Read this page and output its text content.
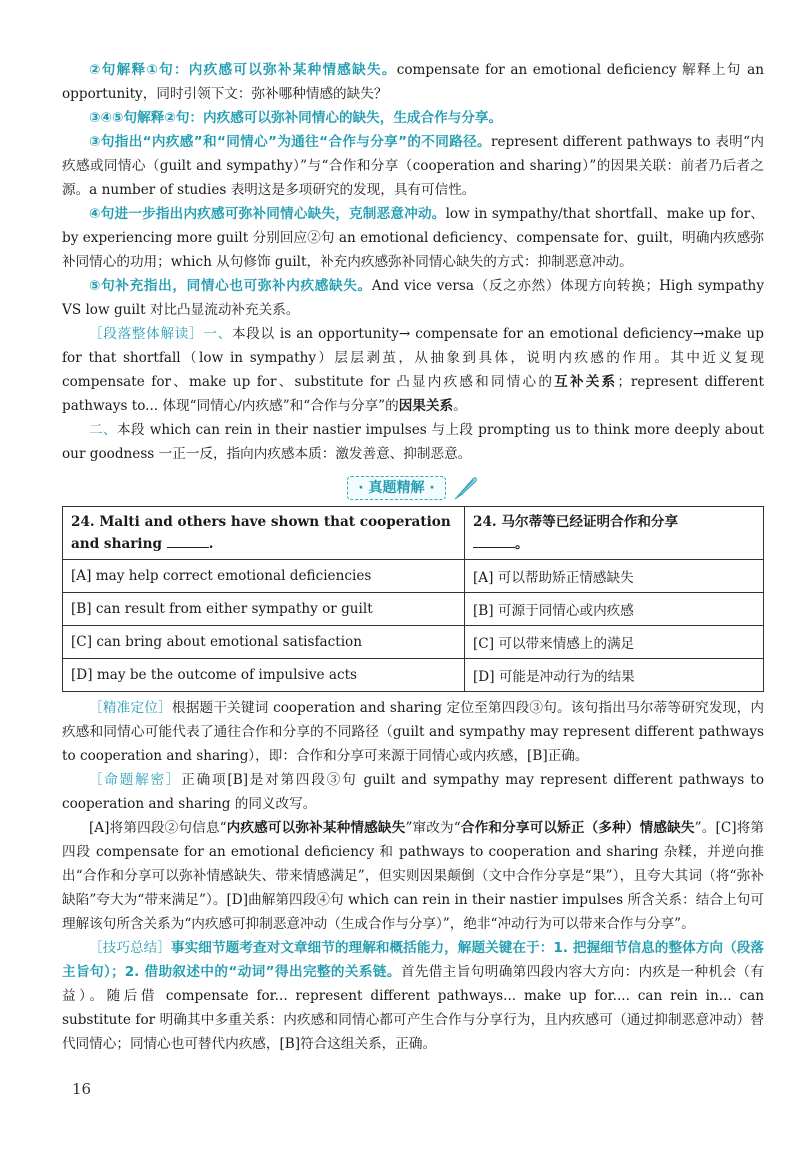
②句解释①句：内疚感可以弥补某种情感缺失。compensate for an emotional deficiency 解释上句 an opportunity，同时引领下文：弥补哪种情感的缺失？

③④⑤句解释②句：内疚感可以弥补同情心的缺失，生成合作与分享。

③句指出“内疚感”和“同情心”为通往“合作与分享”的不同路径。represent different pathways to 表明“内疚感或同情心（guilt and sympathy）”与“合作和分享（cooperation and sharing）”的因果关联：前者乃后者之源。a number of studies 表明这是多项研究的发现，具有可信性。

④句进一步指出内疚感可弥补同情心缺失，克制恶意冲动。low in sympathy/that shortfall、make up for、by experiencing more guilt 分别回应②句 an emotional deficiency、compensate for、guilt，明确内疚感弥补同情心的功用；which 从句修饰 guilt，补充内疚感弥补同情心缺失的方式：抑制恶意冲动。

⑤句补充指出，同情心也可弥补内疚感缺失。And vice versa（反之亦然）体现方向转换；High sympathy VS low guilt 对比凸显流动补充关系。

［段落整体解读］一、本段以 is an opportunity→ compensate for an emotional deficiency→make up for that shortfall（low in sympathy）层层剥茧，从抽象到具体，说明内疚感的作用。其中近义复现 compensate for、make up for、substitute for 凸显内疚感和同情心的互补关系；represent different pathways to... 体现“同情心/内疚感”和“合作与分享”的因果关系。

二、本段 which can rein in their nastier impulses 与上段 prompting us to think more deeply about our goodness 一正一反，指向内疚感本质：激发善意、抑制恶意。

· 真题精解 ·
24. Malti and others have shown that cooperation and sharing .	24. 马尔蒂等已经证明合作和分享
。
[A] may help correct emotional deficiencies	[A] 可以帮助矫正情感缺失
[B] can result from either sympathy or guilt	[B] 可源于同情心或内疚感
[C] can bring about emotional satisfaction	[C] 可以带来情感上的满足
[D] may be the outcome of impulsive acts	[D] 可能是冲动行为的结果

［精准定位］根据题干关键词 cooperation and sharing 定位至第四段③句。该句指出马尔蒂等研究发现，内疚感和同情心可能代表了通往合作和分享的不同路径（guilt and sympathy may represent different pathways to cooperation and sharing），即：合作和分享可来源于同情心或内疚感，[B]正确。

［命题解密］正确项[B]是对第四段③句 guilt and sympathy may represent different pathways to cooperation and sharing 的同义改写。

[A]将第四段②句信息“内疚感可以弥补某种情感缺失”窜改为“合作和分享可以矫正（多种）情感缺失”。[C]将第四段 compensate for an emotional deficiency 和 pathways to cooperation and sharing 杂糅，并逆向推出“合作和分享可以弥补情感缺失、带来情感满足”，但实则因果颠倒（文中合作分享是“果”），且夸大其词（将“弥补缺陷”夸大为“带来满足”）。[D]曲解第四段④句 which can rein in their nastier impulses 所含关系：结合上句可理解该句所含关系为“内疚感可抑制恶意冲动（生成合作与分享）”，绝非“冲动行为可以带来合作与分享”。

［技巧总结］事实细节题考查对文章细节的理解和概括能力，解题关键在于：1. 把握细节信息的整体方向（段落主旨句）；2. 借助叙述中的“动词”得出完整的关系链。首先借主旨句明确第四段内容大方向：内疚是一种机会（有益）。随后借 compensate for... represent different pathways... make up for.... can rein in... can substitute for 明确其中多重关系：内疚感和同情心都可产生合作与分享行为，且内疚感可（通过抑制恶意冲动）替代同情心；同情心也可替代内疚感，[B]符合这组关系，正确。

16
